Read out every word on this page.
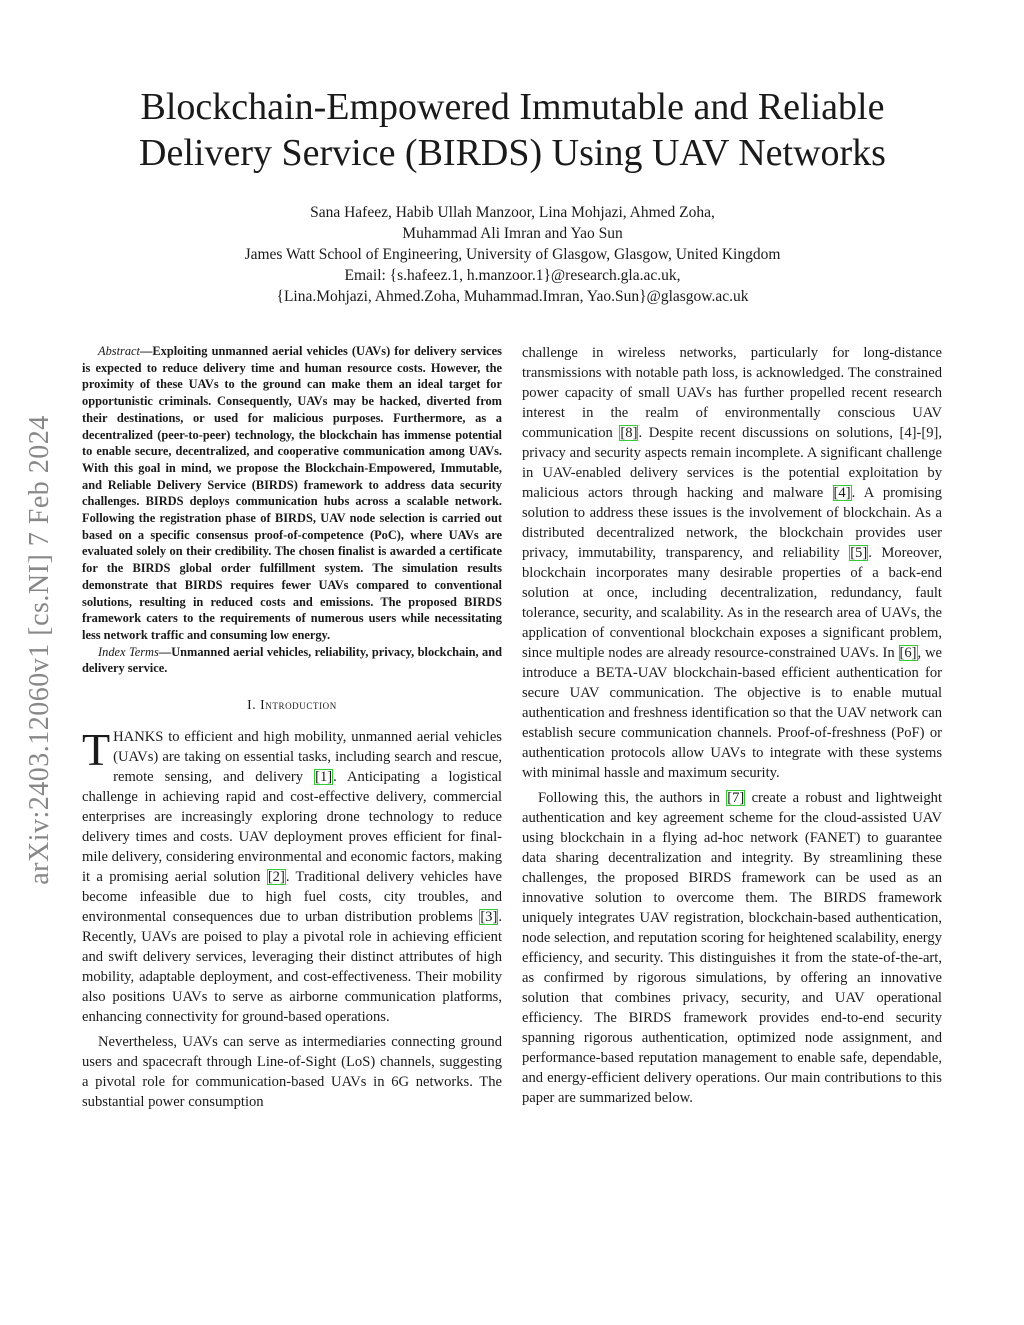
arXiv:2403.12060v1 [cs.NI] 7 Feb 2024
Blockchain-Empowered Immutable and Reliable
Delivery Service (BIRDS) Using UAV Networks
Sana Hafeez, Habib Ullah Manzoor, Lina Mohjazi, Ahmed Zoha,
Muhammad Ali Imran and Yao Sun
James Watt School of Engineering, University of Glasgow, Glasgow, United Kingdom
Email: {s.hafeez.1, h.manzoor.1}@research.gla.ac.uk,
{Lina.Mohjazi, Ahmed.Zoha, Muhammad.Imran, Yao.Sun}@glasgow.ac.uk

Abstract—Exploiting unmanned aerial vehicles (UAVs) for delivery services is expected to reduce delivery time and human resource costs. However, the proximity of these UAVs to the ground can make them an ideal target for opportunistic criminals. Consequently, UAVs may be hacked, diverted from their destinations, or used for malicious purposes. Furthermore, as a decentralized (peer-to-peer) technology, the blockchain has immense potential to enable secure, decentralized, and cooperative communication among UAVs. With this goal in mind, we propose the Blockchain-Empowered, Immutable, and Reliable Delivery Service (BIRDS) framework to address data security challenges. BIRDS deploys communication hubs across a scalable network. Following the registration phase of BIRDS, UAV node selection is carried out based on a specific consensus proof-of-competence (PoC), where UAVs are evaluated solely on their credibility. The chosen finalist is awarded a certificate for the BIRDS global order fulfillment system. The simulation results demonstrate that BIRDS requires fewer UAVs compared to conventional solutions, resulting in reduced costs and emissions. The proposed BIRDS framework caters to the requirements of numerous users while necessitating less network traffic and consuming low energy.

Index Terms—Unmanned aerial vehicles, reliability, privacy, blockchain, and delivery service.

I. Introduction

THANKS to efficient and high mobility, unmanned aerial vehicles (UAVs) are taking on essential tasks, including search and rescue, remote sensing, and delivery [1]. Anticipating a logistical challenge in achieving rapid and cost-effective delivery, commercial enterprises are increasingly exploring drone technology to reduce delivery times and costs. UAV deployment proves efficient for final-mile delivery, considering environmental and economic factors, making it a promising aerial solution [2]. Traditional delivery vehicles have become infeasible due to high fuel costs, city troubles, and environmental consequences due to urban distribution problems [3]. Recently, UAVs are poised to play a pivotal role in achieving efficient and swift delivery services, leveraging their distinct attributes of high mobility, adaptable deployment, and cost-effectiveness. Their mobility also positions UAVs to serve as airborne communication platforms, enhancing connectivity for ground-based operations.

Nevertheless, UAVs can serve as intermediaries connecting ground users and spacecraft through Line-of-Sight (LoS) channels, suggesting a pivotal role for communication-based UAVs in 6G networks. The substantial power consumption

challenge in wireless networks, particularly for long-distance transmissions with notable path loss, is acknowledged. The constrained power capacity of small UAVs has further propelled recent research interest in the realm of environmentally conscious UAV communication [8]. Despite recent discussions on solutions, [4]-[9], privacy and security aspects remain incomplete. A significant challenge in UAV-enabled delivery services is the potential exploitation by malicious actors through hacking and malware [4]. A promising solution to address these issues is the involvement of blockchain. As a distributed decentralized network, the blockchain provides user privacy, immutability, transparency, and reliability [5]. Moreover, blockchain incorporates many desirable properties of a back-end solution at once, including decentralization, redundancy, fault tolerance, security, and scalability. As in the research area of UAVs, the application of conventional blockchain exposes a significant problem, since multiple nodes are already resource-constrained UAVs. In [6], we introduce a BETA-UAV blockchain-based efficient authentication for secure UAV communication. The objective is to enable mutual authentication and freshness identification so that the UAV network can establish secure communication channels. Proof-of-freshness (PoF) or authentication protocols allow UAVs to integrate with these systems with minimal hassle and maximum security.

Following this, the authors in [7] create a robust and lightweight authentication and key agreement scheme for the cloud-assisted UAV using blockchain in a flying ad-hoc network (FANET) to guarantee data sharing decentralization and integrity. By streamlining these challenges, the proposed BIRDS framework can be used as an innovative solution to overcome them. The BIRDS framework uniquely integrates UAV registration, blockchain-based authentication, node selection, and reputation scoring for heightened scalability, energy efficiency, and security. This distinguishes it from the state-of-the-art, as confirmed by rigorous simulations, by offering an innovative solution that combines privacy, security, and UAV operational efficiency. The BIRDS framework provides end-to-end security spanning rigorous authentication, optimized node assignment, and performance-based reputation management to enable safe, dependable, and energy-efficient delivery operations. Our main contributions to this paper are summarized below.
